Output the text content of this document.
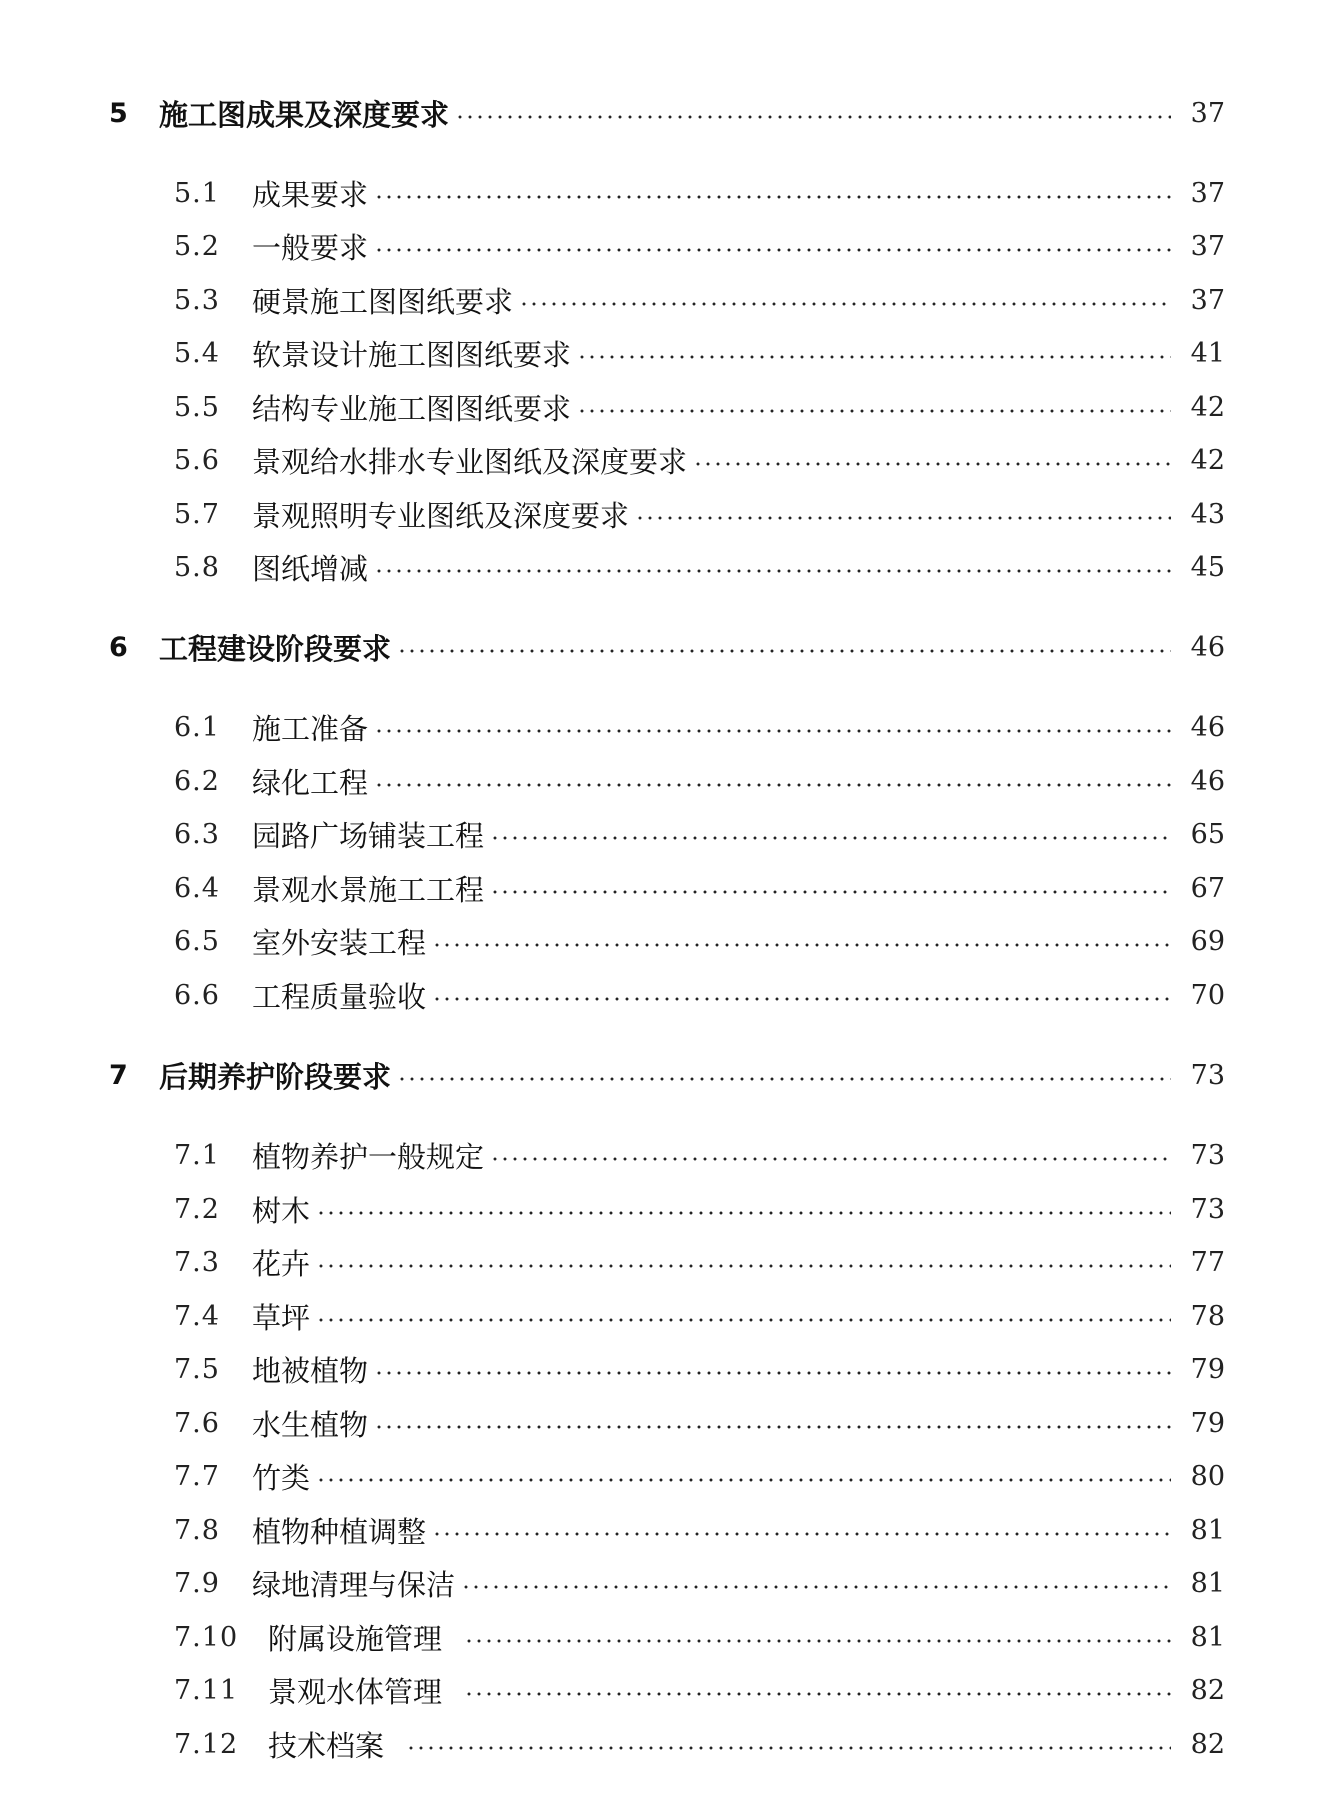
5	施工图成果及深度要求	37
5.1	成果要求	37
5.2	一般要求	37
5.3	硬景施工图图纸要求	37
5.4	软景设计施工图图纸要求	41
5.5	结构专业施工图图纸要求	42
5.6	景观给水排水专业图纸及深度要求	42
5.7	景观照明专业图纸及深度要求	43
5.8	图纸增减	45
6	工程建设阶段要求	46
6.1	施工准备	46
6.2	绿化工程	46
6.3	园路广场铺装工程	65
6.4	景观水景施工工程	67
6.5	室外安装工程	69
6.6	工程质量验收	70
7	后期养护阶段要求	73
7.1	植物养护一般规定	73
7.2	树木	73
7.3	花卉	77
7.4	草坪	78
7.5	地被植物	79
7.6	水生植物	79
7.7	竹类	80
7.8	植物种植调整	81
7.9	绿地清理与保洁	81
7.10	附属设施管理	81
7.11	景观水体管理	82
7.12	技术档案	82
